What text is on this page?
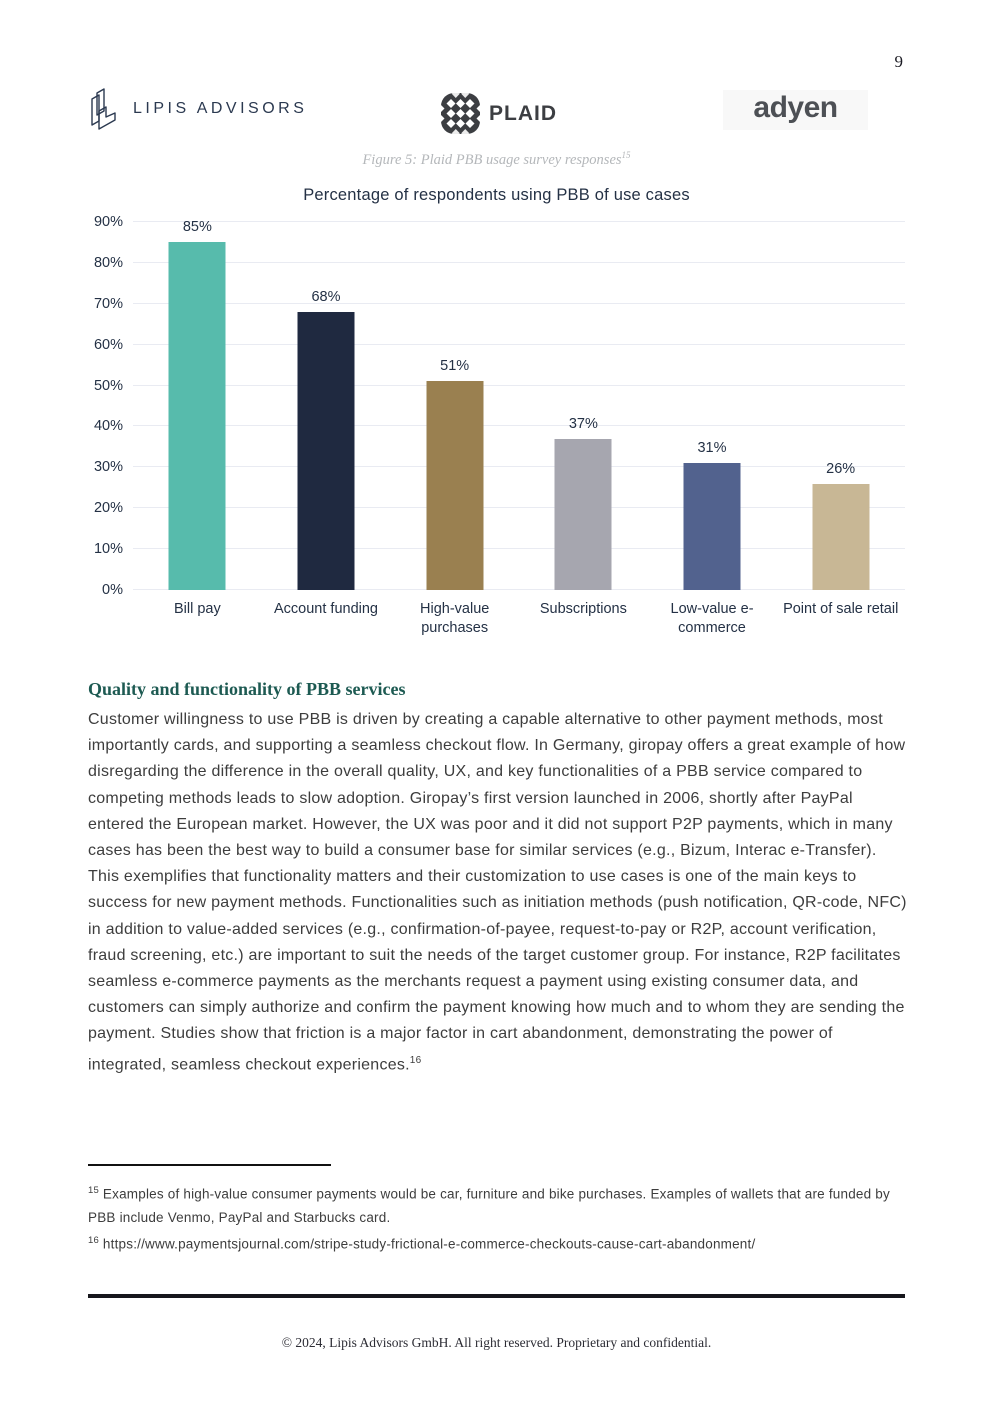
9
LIPIS ADVISORS	PLAID	adyen
Figure 5: Plaid PBB usage survey responses$^{15}$
Percentage of respondents using PBB of use cases
0%
10%
20%
30%
40%
50%
60%
70%
80%
90%	85%
68%
51%
37%
31%
26%
Bill pay	Account funding	High-value purchases
Subscriptions	Low-value e-commerce
Point of sale retail
Quality and functionality of PBB services

Customer willingness to use PBB is driven by creating a capable alternative to other payment methods, most importantly cards, and supporting a seamless checkout flow. In Germany, giropay offers a great example of how disregarding the difference in the overall quality, UX, and key functionalities of a PBB service compared to competing methods leads to slow adoption. Giropay’s first version launched in 2006, shortly after PayPal entered the European market. However, the UX was poor and it did not support P2P payments, which in many cases has been the best way to build a consumer base for similar services (e.g., Bizum, Interac e-Transfer). This exemplifies that functionality matters and their customization to use cases is one of the main keys to success for new payment methods. Functionalities such as initiation methods (push notification, QR-code, NFC) in addition to value-added services (e.g., confirmation-of-payee, request-to-pay or R2P, account verification, fraud screening, etc.) are important to suit the needs of the target customer group. For instance, R2P facilitates seamless e-commerce payments as the merchants request a payment using existing consumer data, and customers can simply authorize and confirm the payment knowing how much and to whom they are sending the payment. Studies show that friction is a major factor in cart abandonment, demonstrating the power of integrated, seamless checkout experiences.$^{16}$

$^{15}$ Examples of high-value consumer payments would be car, furniture and bike purchases. Examples of wallets that are funded by PBB include Venmo, PayPal and Starbucks card.

$^{16}$ https://www.paymentsjournal.com/stripe-study-frictional-e-commerce-checkouts-cause-cart-abandonment/

© 2024, Lipis Advisors GmbH. All right reserved. Proprietary and confidential.
